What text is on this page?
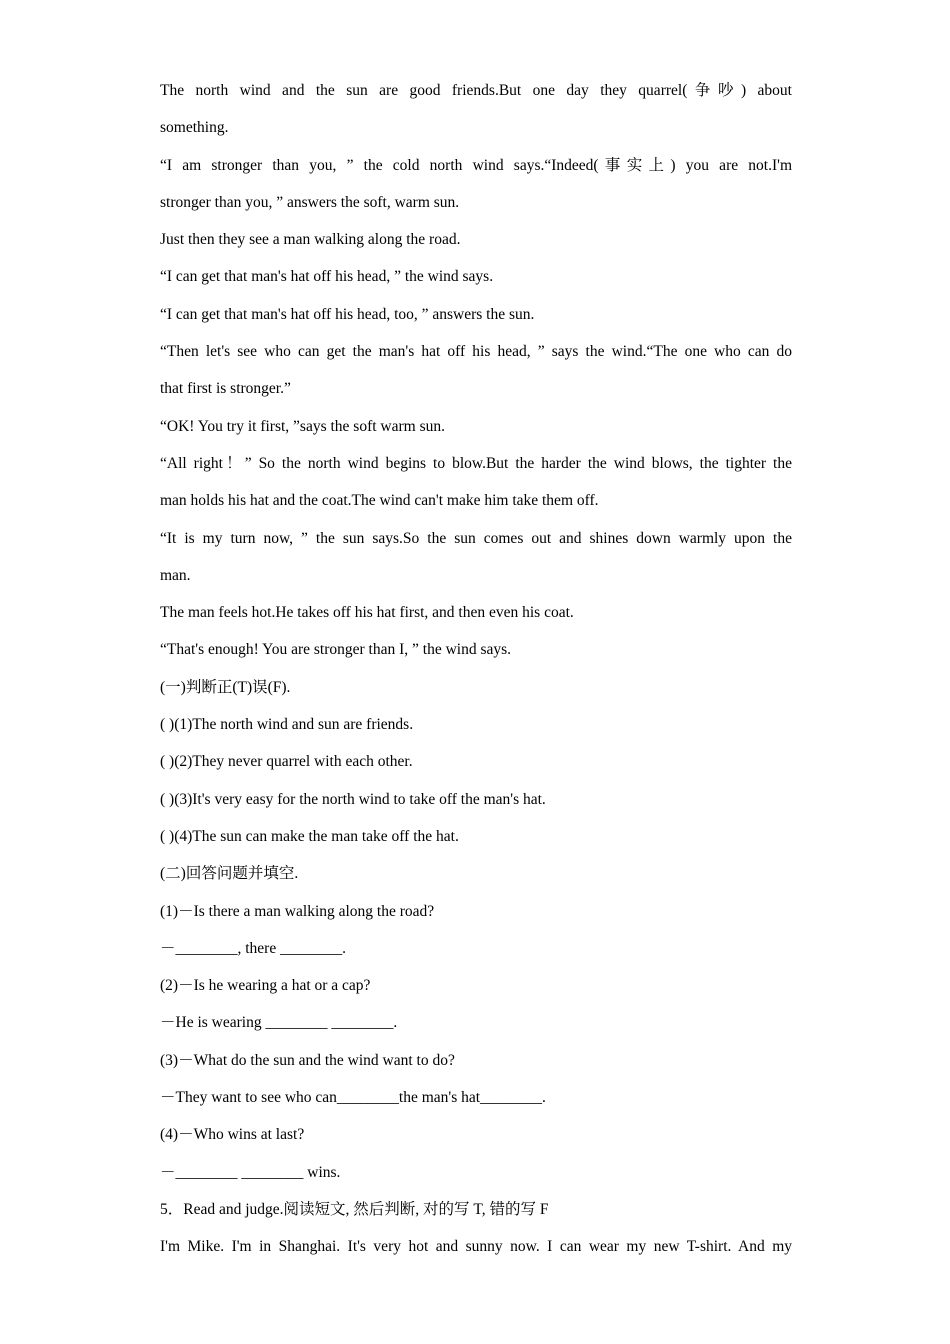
The north wind and the sun are good friends.But one day they quarrel(争吵) about
something.
“I am stronger than you, ” the cold north wind says.“Indeed(事实上) you are not.I'm
stronger than you, ” answers the soft, warm sun.
Just then they see a man walking along the road.
“I can get that man's hat off his head, ” the wind says.
“I can get that man's hat off his head, too, ” answers the sun.
“Then let's see who can get the man's hat off his head, ” says the wind.“The one who can do
that first is stronger.”
“OK! You try it first, ”says the soft warm sun.
“All right！” So the north wind begins to blow.But the harder the wind blows, the tighter the
man holds his hat and the coat.The wind can't make him take them off.
“It is my turn now, ” the sun says.So the sun comes out and shines down warmly upon the
man.
The man feels hot.He takes off his hat first, and then even his coat.
“That's enough! You are stronger than I, ” the wind says.
(一)判断正(T)误(F).
( )(1)The north wind and sun are friends.
( )(2)They never quarrel with each other.
( )(3)It's very easy for the north wind to take off the man's hat.
( )(4)The sun can make the man take off the hat.
(二)回答问题并填空.
(1)－Is there a man walking along the road?
－________, there ________.
(2)－Is he wearing a hat or a cap?
－He is wearing ________ ________.
(3)－What do the sun and the wind want to do?
－They want to see who can________the man's hat________.
(4)－Who wins at last?
－________ ________ wins.
5．Read and judge.阅读短文, 然后判断, 对的写 T, 错的写 F
I'm Mike. I'm in Shanghai. It's very hot and sunny now. I can wear my new T-shirt. And my
